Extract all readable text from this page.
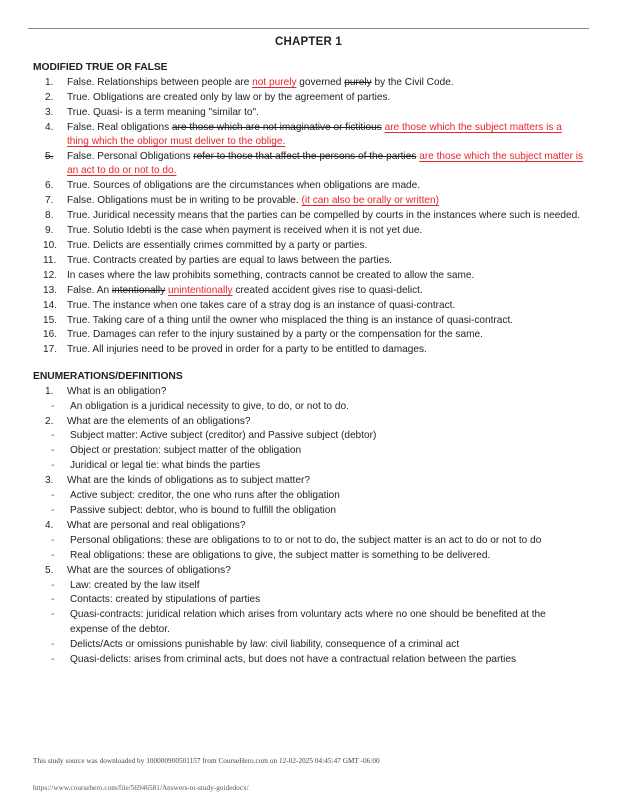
CHAPTER 1
MODIFIED TRUE OR FALSE
1.	False. Relationships between people are not purely governed purely by the Civil Code.
2.	True. Obligations are created only by law or by the agreement of parties.
3.	True. Quasi- is a term meaning "similar to".
4.	False. Real obligations are those which are not imaginative or fictitious are those which the subject matters is a thing which the obligor must deliver to the oblige.
5.	False. Personal Obligations refer to those that affect the persons of the parties are those which the subject matter is an act to do or not to do.
6.	True. Sources of obligations are the circumstances when obligations are made.
7.	False. Obligations must be in writing to be provable. (it can also be orally or written)
8.	True. Juridical necessity means that the parties can be compelled by courts in the instances where such is needed.
9.	True. Solutio Idebti is the case when payment is received when it is not yet due.
10. True. Delicts are essentially crimes committed by a party or parties.
11.	True. Contracts created by parties are equal to laws between the parties.
12. In cases where the law prohibits something, contracts cannot be created to allow the same.
13. False. An intentionally unintentionally created accident gives rise to quasi-delict.
14. True. The instance when one takes care of a stray dog is an instance of quasi-contract.
15. True. Taking care of a thing until the owner who misplaced the thing is an instance of quasi-contract.
16. True. Damages can refer to the injury sustained by a party or the compensation for the same.
17. True. All injuries need to be proved in order for a party to be entitled to damages.
ENUMERATIONS/DEFINITIONS
1.	What is an obligation?
- An obligation is a juridical necessity to give, to do, or not to do.
2.	What are the elements of an obligations?
- Subject matter: Active subject (creditor) and Passive subject (debtor)
- Object or prestation: subject matter of the obligation
- Juridical or legal tie: what binds the parties
3.	What are the kinds of obligations as to subject matter?
- Active subject: creditor, the one who runs after the obligation
- Passive subject: debtor, who is bound to fulfill the obligation
4.	What are personal and real obligations?
- Personal obligations: these are obligations to to or not to do, the subject matter is an act to do or not to do
- Real obligations: these are obligations to give, the subject matter is something to be delivered.
5.	What are the sources of obligations?
- Law: created by the law itself
- Contacts: created by stipulations of parties
- Quasi-contracts: juridical relation which arises from voluntary acts where no one should be benefited at the expense of the debtor.
- Delicts/Acts or omissions punishable by law: civil liability, consequence of a criminal act
- Quasi-delicts: arises from criminal acts, but does not have a contractual relation between the parties
This study source was downloaded by 100000900501157 from CourseHero.com on 12-02-2025 04:45:47 GMT -06:00
https://www.coursehero.com/file/56946581/Answers-to-study-guidedocx/
